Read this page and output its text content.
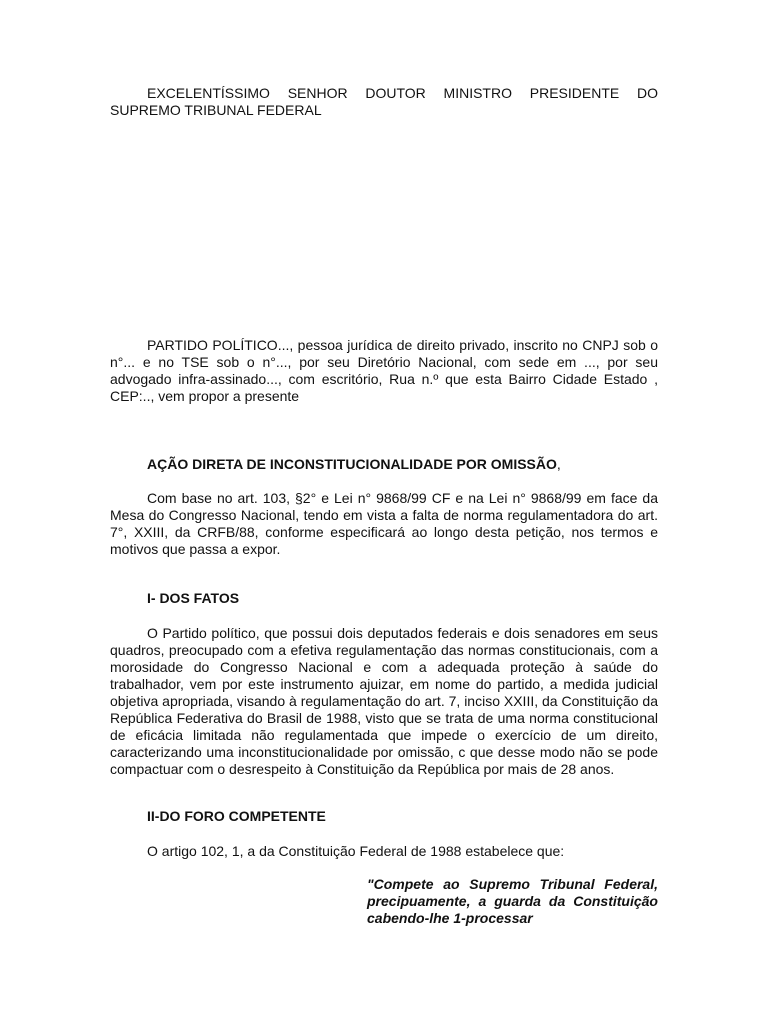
EXCELENTÍSSIMO SENHOR DOUTOR MINISTRO PRESIDENTE DO SUPREMO TRIBUNAL FEDERAL

PARTIDO POLÍTICO..., pessoa jurídica de direito privado, inscrito no CNPJ sob o n°... e no TSE sob o n°..., por seu Diretório Nacional, com sede em ..., por seu advogado infra-assinado..., com escritório, Rua n.º que esta Bairro Cidade Estado , CEP:.., vem propor a presente

AÇÃO DIRETA DE INCONSTITUCIONALIDADE POR OMISSÃO,

Com base no art. 103, §2° e Lei n° 9868/99 CF e na Lei n° 9868/99 em face da Mesa do Congresso Nacional, tendo em vista a falta de norma regulamentadora do art. 7°, XXIII, da CRFB/88, conforme especificará ao longo desta petição, nos termos e motivos que passa a expor.

I- DOS FATOS

O Partido político, que possui dois deputados federais e dois senadores em seus quadros, preocupado com a efetiva regulamentação das normas constitucionais, com a morosidade do Congresso Nacional e com a adequada proteção à saúde do trabalhador, vem por este instrumento ajuizar, em nome do partido, a medida judicial objetiva apropriada, visando à regulamentação do art. 7, inciso XXIII, da Constituição da República Federativa do Brasil de 1988, visto que se trata de uma norma constitucional de eficácia limitada não regulamentada que impede o exercício de um direito, caracterizando uma inconstitucionalidade por omissão, c que desse modo não se pode compactuar com o desrespeito à Constituição da República por mais de 28 anos.

II-DO FORO COMPETENTE

O artigo 102, 1, a da Constituição Federal de 1988 estabelece que:

"Compete ao Supremo Tribunal Federal, precipuamente, a guarda da Constituição cabendo-lhe 1-processar
